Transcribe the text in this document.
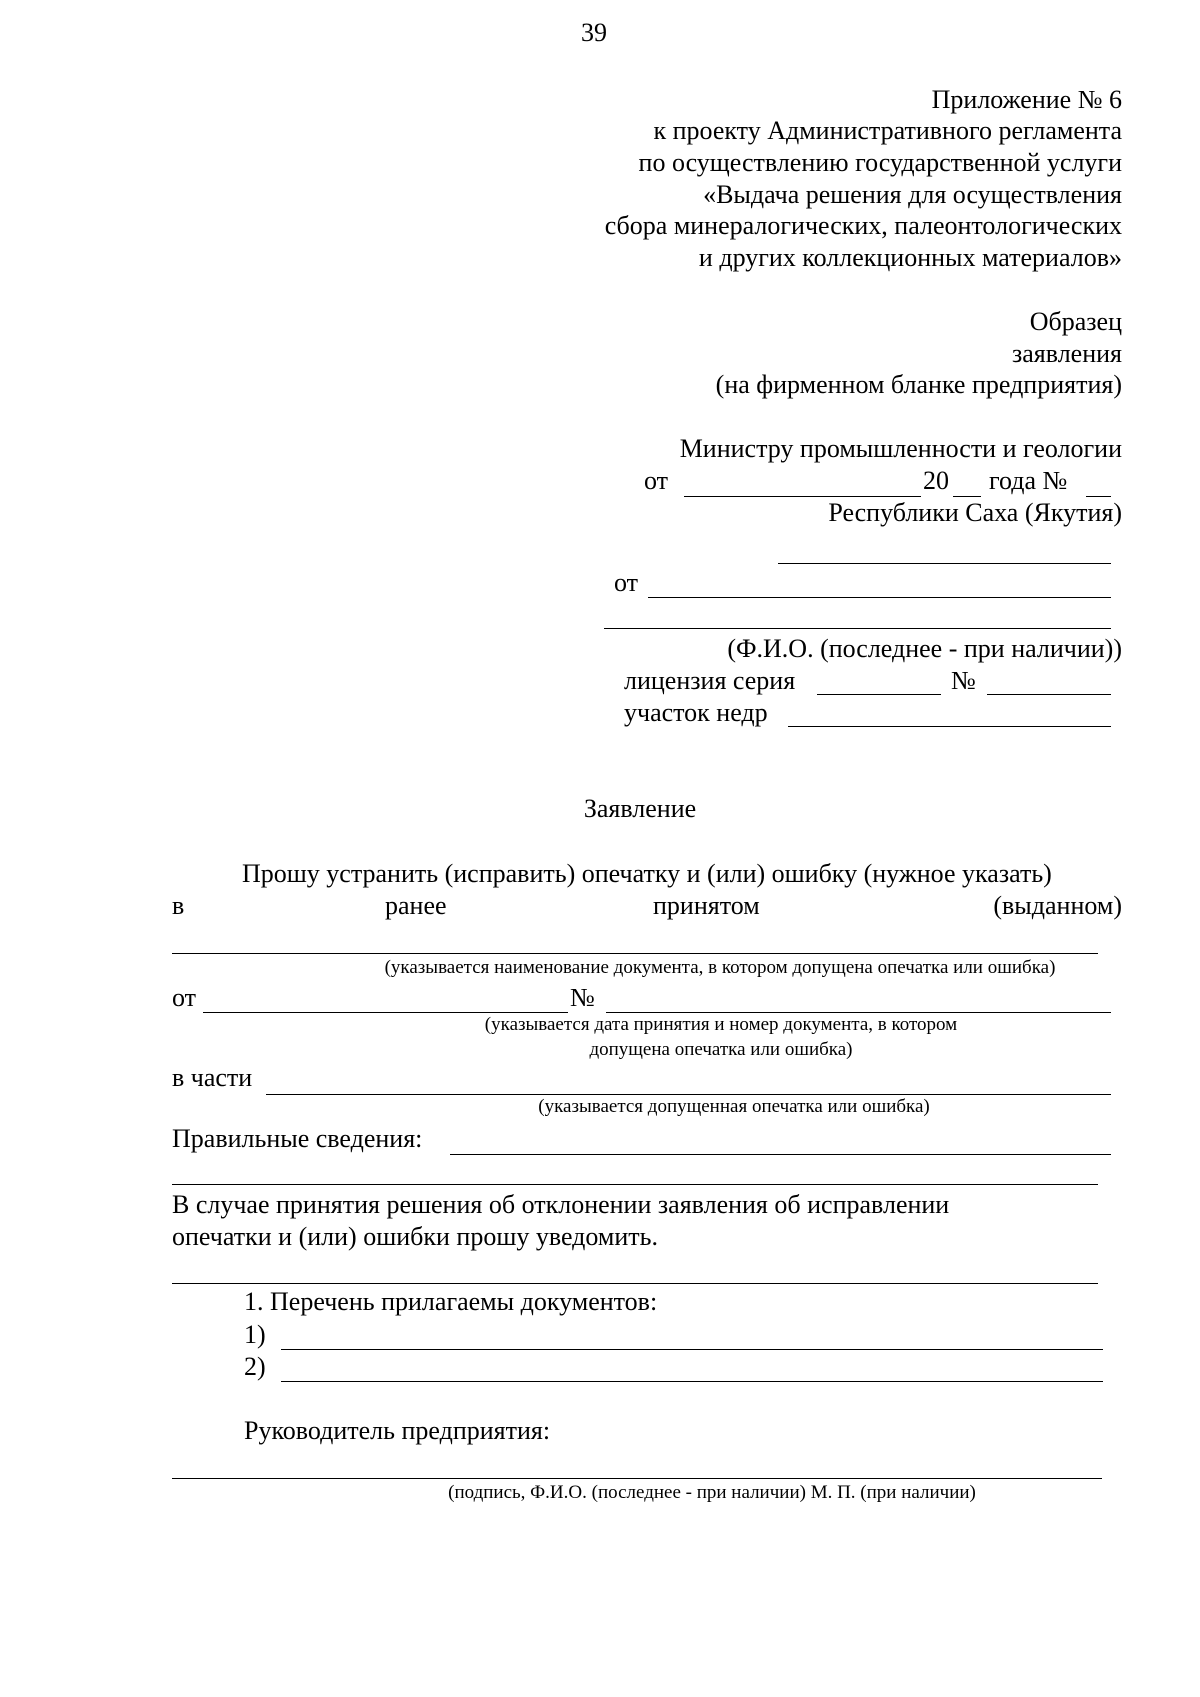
39
Приложение № 6
к проекту Административного регламента
по осуществлению государственной услуги
«Выдача решения для осуществления
сбора минералогических, палеонтологических
и других коллекционных материалов»
Образец
заявления
(на фирменном бланке предприятия)
Министру промышленности и геологии
от	20 года №
Республики Саха (Якутия)
от
(Ф.И.О. (последнее - при наличии))
лицензия серия	№
участок недр
Заявление
Прошу устранить (исправить) опечатку и (или) ошибку (нужное указать)
в	ранее	принятом	(выданном)
(указывается наименование документа, в котором допущена опечатка или ошибка)
от	№
(указывается дата принятия и номер документа, в котором
допущена опечатка или ошибка)
в части
(указывается допущенная опечатка или ошибка)
Правильные сведения:
В случае принятия решения об отклонении заявления об исправлении
опечатки и (или) ошибки прошу уведомить.
1. Перечень прилагаемы документов:
1)
2)
Руководитель предприятия:
(подпись, Ф.И.О. (последнее - при наличии) М. П. (при наличии)
